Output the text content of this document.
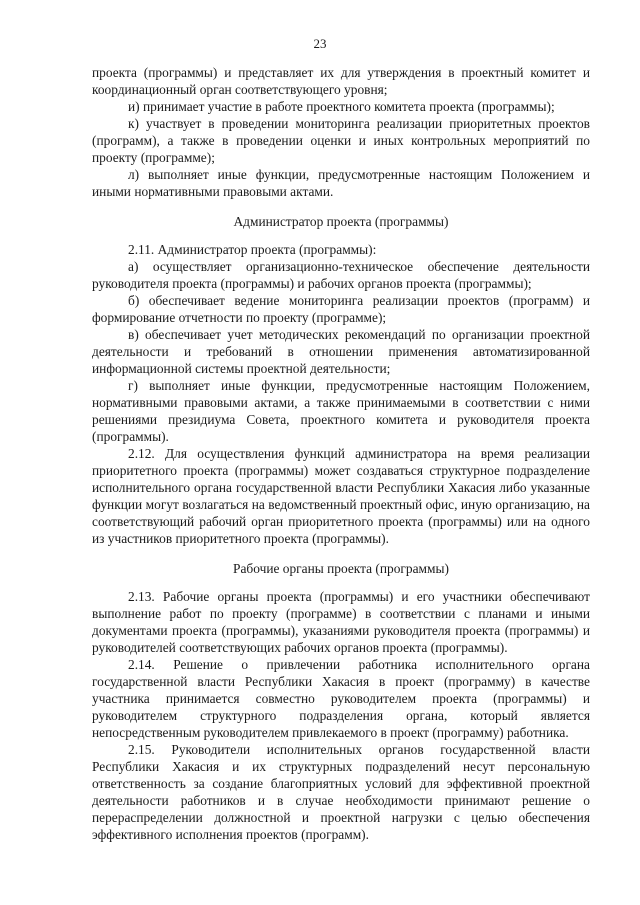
23

проекта (программы) и представляет их для утверждения в проектный комитет и координационный орган соответствующего уровня;

и) принимает участие в работе проектного комитета проекта (программы);

к) участвует в проведении мониторинга реализации приоритетных проектов (программ), а также в проведении оценки и иных контрольных мероприятий по проекту (программе);

л) выполняет иные функции, предусмотренные настоящим Положением и иными нормативными правовыми актами.

Администратор проекта (программы)

2.11. Администратор проекта (программы):

а) осуществляет организационно-техническое обеспечение деятельности руководителя проекта (программы) и рабочих органов проекта (программы);

б) обеспечивает ведение мониторинга реализации проектов (программ) и формирование отчетности по проекту (программе);

в) обеспечивает учет методических рекомендаций по организации проектной деятельности и требований в отношении применения автоматизированной информационной системы проектной деятельности;

г) выполняет иные функции, предусмотренные настоящим Положением, нормативными правовыми актами, а также принимаемыми в соответствии с ними решениями президиума Совета, проектного комитета и руководителя проекта (программы).

2.12. Для осуществления функций администратора на время реализации приоритетного проекта (программы) может создаваться структурное подразделение исполнительного органа государственной власти Республики Хакасия либо указанные функции могут возлагаться на ведомственный проектный офис, иную организацию, на соответствующий рабочий орган приоритетного проекта (программы) или на одного из участников приоритетного проекта (программы).

Рабочие органы проекта (программы)

2.13. Рабочие органы проекта (программы) и его участники обеспечивают выполнение работ по проекту (программе) в соответствии с планами и иными документами проекта (программы), указаниями руководителя проекта (программы) и руководителей соответствующих рабочих органов проекта (программы).

2.14. Решение о привлечении работника исполнительного органа государственной власти Республики Хакасия в проект (программу) в качестве участника принимается совместно руководителем проекта (программы) и руководителем структурного подразделения органа, который является непосредственным руководителем привлекаемого в проект (программу) работника.

2.15. Руководители исполнительных органов государственной власти Республики Хакасия и их структурных подразделений несут персональную ответственность за создание благоприятных условий для эффективной проектной деятельности работников и в случае необходимости принимают решение о перераспределении должностной и проектной нагрузки с целью обеспечения эффективного исполнения проектов (программ).
